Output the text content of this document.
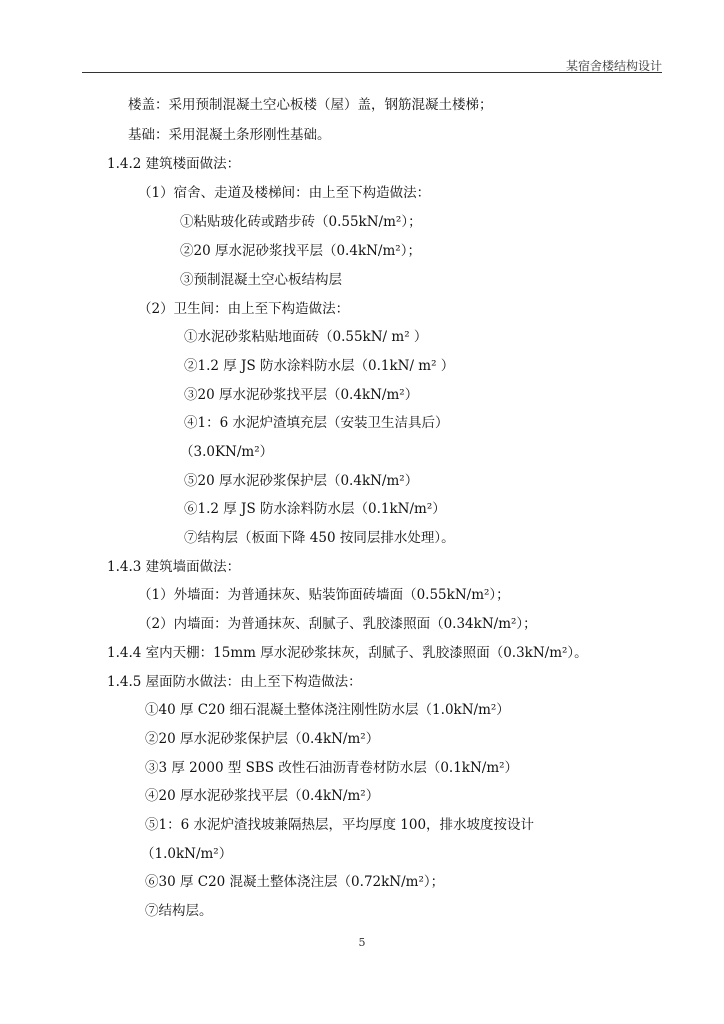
某宿舍楼结构设计
楼盖：采用预制混凝土空心板楼（屋）盖，钢筋混凝土楼梯；
基础：采用混凝土条形刚性基础。
1.4.2 建筑楼面做法：
（1）宿舍、走道及楼梯间：由上至下构造做法：
①粘贴玻化砖或踏步砖（0.55kN/m²）；
②20 厚水泥砂浆找平层（0.4kN/m²）；
③预制混凝土空心板结构层
（2）卫生间：由上至下构造做法：
①水泥砂浆粘贴地面砖（0.55kN/ m² ）
②1.2 厚 JS 防水涂料防水层（0.1kN/ m² ）
③20 厚水泥砂浆找平层（0.4kN/m²）
④1：6 水泥炉渣填充层（安装卫生洁具后）
（3.0KN/m²）
⑤20 厚水泥砂浆保护层（0.4kN/m²）
⑥1.2 厚 JS 防水涂料防水层（0.1kN/m²）
⑦结构层（板面下降 450 按同层排水处理）。
1.4.3 建筑墙面做法：
（1）外墙面：为普通抹灰、贴装饰面砖墙面（0.55kN/m²）；
（2）内墙面：为普通抹灰、刮腻子、乳胶漆照面（0.34kN/m²）；
1.4.4 室内天棚：15mm 厚水泥砂浆抹灰，刮腻子、乳胶漆照面（0.3kN/m²）。
1.4.5 屋面防水做法：由上至下构造做法：
①40 厚 C20 细石混凝土整体浇注刚性防水层（1.0kN/m²）
②20 厚水泥砂浆保护层（0.4kN/m²）
③3 厚 2000 型 SBS 改性石油沥青卷材防水层（0.1kN/m²）
④20 厚水泥砂浆找平层（0.4kN/m²）
⑤1：6 水泥炉渣找坡兼隔热层，平均厚度 100，排水坡度按设计
（1.0kN/m²）
⑥30 厚 C20 混凝土整体浇注层（0.72kN/m²）；
⑦结构层。
5
